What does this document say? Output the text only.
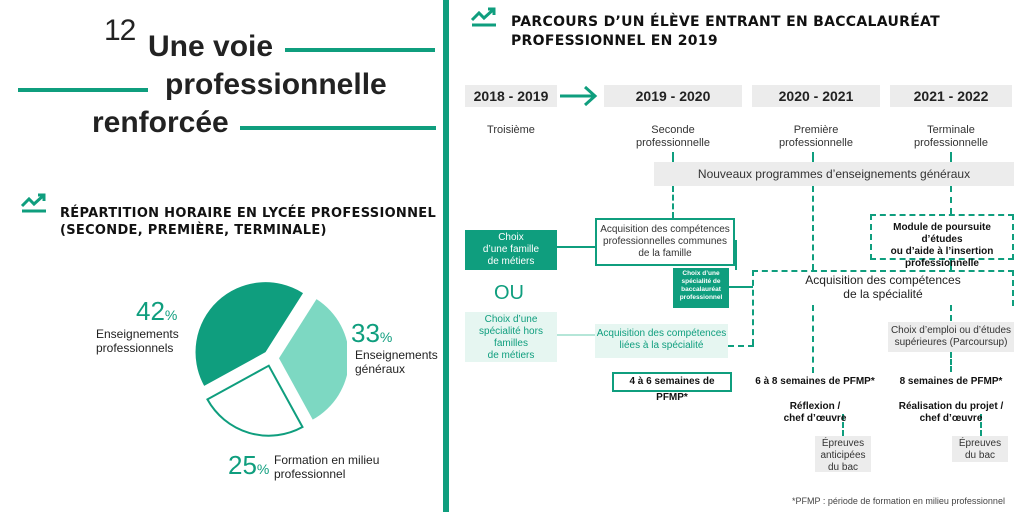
12 Une voie
professionnelle
renforcée
RÉPARTITION HORAIRE EN LYCÉE PROFESSIONNEL
(SECONDE, PREMIÈRE, TERMINALE)
42%
Enseignements
professionnels	33%
Enseignements
généraux
25%
Formation en milieu
professionnel
PARCOURS D’UN ÉLÈVE ENTRANT EN BACCALAURÉAT
PROFESSIONNEL EN 2019
2018 - 2019	2019 - 2020	2020 - 2021	2021 - 2022
Troisième	Seconde
professionnelle
Première
professionnelle
Terminale
professionnelle
Nouveaux programmes d’enseignements généraux
Choix
d’une famille
de métiers
OU
Choix d’une
spécialité hors
familles
de métiers
Acquisition des compétences
professionnelles communes
de la famille
Choix d’une
spécialité de
baccalauréat
professionnel
Acquisition des compétences
liées à la spécialité
Module de poursuite d’études
ou d’aide à l’insertion
professionnelle
Acquisition des compétences
de la spécialité
Choix d’emploi ou d’études
supérieures (Parcoursup)
4 à 6 semaines de PFMP*
6 à 8 semaines de PFMP*	8 semaines de PFMP*
Réflexion /
chef d’œuvre
Réalisation du projet /
chef d’œuvre
Épreuves
anticipées
du bac
Épreuves
du bac
*PFMP : période de formation en milieu professionnel
